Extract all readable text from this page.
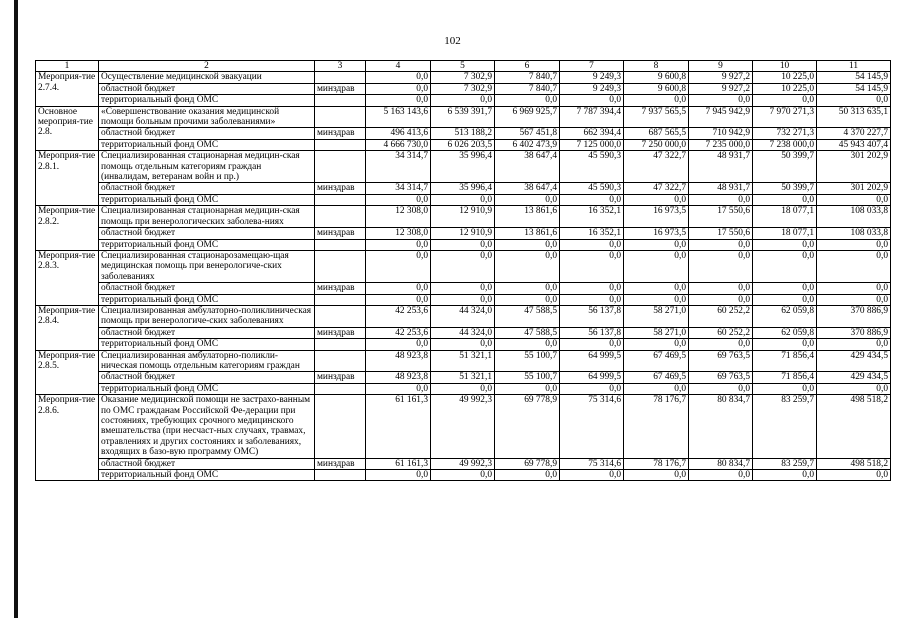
102
1	2	3	4	5	6	7	8	9	10	11
Мероприя-тие 2.7.4.	Осуществление медицинской эвакуации		0,0	7 302,9	7 840,7	9 249,3	9 600,8	9 927,2	10 225,0	54 145,9
	областной бюджет	минздрав	0,0	7 302,9	7 840,7	9 249,3	9 600,8	9 927,2	10 225,0	54 145,9
	территориальный фонд ОМС		0,0	0,0	0,0	0,0	0,0	0,0	0,0	0,0
Основное мероприя-тие 2.8.	«Совершенствование оказания медицинской помощи больным прочими заболеваниями»		5 163 143,6	6 539 391,7	6 969 925,7	7 787 394,4	7 937 565,5	7 945 942,9	7 970 271,3	50 313 635,1
	областной бюджет	минздрав	496 413,6	513 188,2	567 451,8	662 394,4	687 565,5	710 942,9	732 271,3	4 370 227,7
	территориальный фонд ОМС		4 666 730,0	6 026 203,5	6 402 473,9	7 125 000,0	7 250 000,0	7 235 000,0	7 238 000,0	45 943 407,4
Мероприя-тие 2.8.1.	Специализированная стационарная медицин-ская помощь отдельным категориям граждан (инвалидам, ветеранам войн и пр.)		34 314,7	35 996,4	38 647,4	45 590,3	47 322,7	48 931,7	50 399,7	301 202,9
	областной бюджет	минздрав	34 314,7	35 996,4	38 647,4	45 590,3	47 322,7	48 931,7	50 399,7	301 202,9
	территориальный фонд ОМС		0,0	0,0	0,0	0,0	0,0	0,0	0,0	0,0
Мероприя-тие 2.8.2.	Специализированная стационарная медицин-ская помощь при венерологических заболева-ниях		12 308,0	12 910,9	13 861,6	16 352,1	16 973,5	17 550,6	18 077,1	108 033,8
	областной бюджет	минздрав	12 308,0	12 910,9	13 861,6	16 352,1	16 973,5	17 550,6	18 077,1	108 033,8
	территориальный фонд ОМС		0,0	0,0	0,0	0,0	0,0	0,0	0,0	0,0
Мероприя-тие 2.8.3.	Специализированная стационарозамещаю-щая медицинская помощь при венерологиче-ских заболеваниях		0,0	0,0	0,0	0,0	0,0	0,0	0,0	0,0
	областной бюджет	минздрав	0,0	0,0	0,0	0,0	0,0	0,0	0,0	0,0
	территориальный фонд ОМС		0,0	0,0	0,0	0,0	0,0	0,0	0,0	0,0
Мероприя-тие 2.8.4.	Специализированная амбулаторно-поликлиническая помощь при венерологиче-ских заболеваниях		42 253,6	44 324,0	47 588,5	56 137,8	58 271,0	60 252,2	62 059,8	370 886,9
	областной бюджет	минздрав	42 253,6	44 324,0	47 588,5	56 137,8	58 271,0	60 252,2	62 059,8	370 886,9
	территориальный фонд ОМС		0,0	0,0	0,0	0,0	0,0	0,0	0,0	0,0
Мероприя-тие 2.8.5.	Специализированная амбулаторно-поликли-ническая помощь отдельным категориям граждан		48 923,8	51 321,1	55 100,7	64 999,5	67 469,5	69 763,5	71 856,4	429 434,5
	областной бюджет	минздрав	48 923,8	51 321,1	55 100,7	64 999,5	67 469,5	69 763,5	71 856,4	429 434,5
	территориальный фонд ОМС		0,0	0,0	0,0	0,0	0,0	0,0	0,0	0,0
Мероприя-тие 2.8.6.	Оказание медицинской помощи не застрахо-ванным по ОМС гражданам Российской Фе-дерации при состояниях, требующих срочного медицинского вмешательства (при несчаст-ных случаях, травмах, отравлениях и других состояниях и заболеваниях, входящих в базо-вую программу ОМС)		61 161,3	49 992,3	69 778,9	75 314,6	78 176,7	80 834,7	83 259,7	498 518,2
	областной бюджет	минздрав	61 161,3	49 992,3	69 778,9	75 314,6	78 176,7	80 834,7	83 259,7	498 518,2
	территориальный фонд ОМС		0,0	0,0	0,0	0,0	0,0	0,0	0,0	0,0
